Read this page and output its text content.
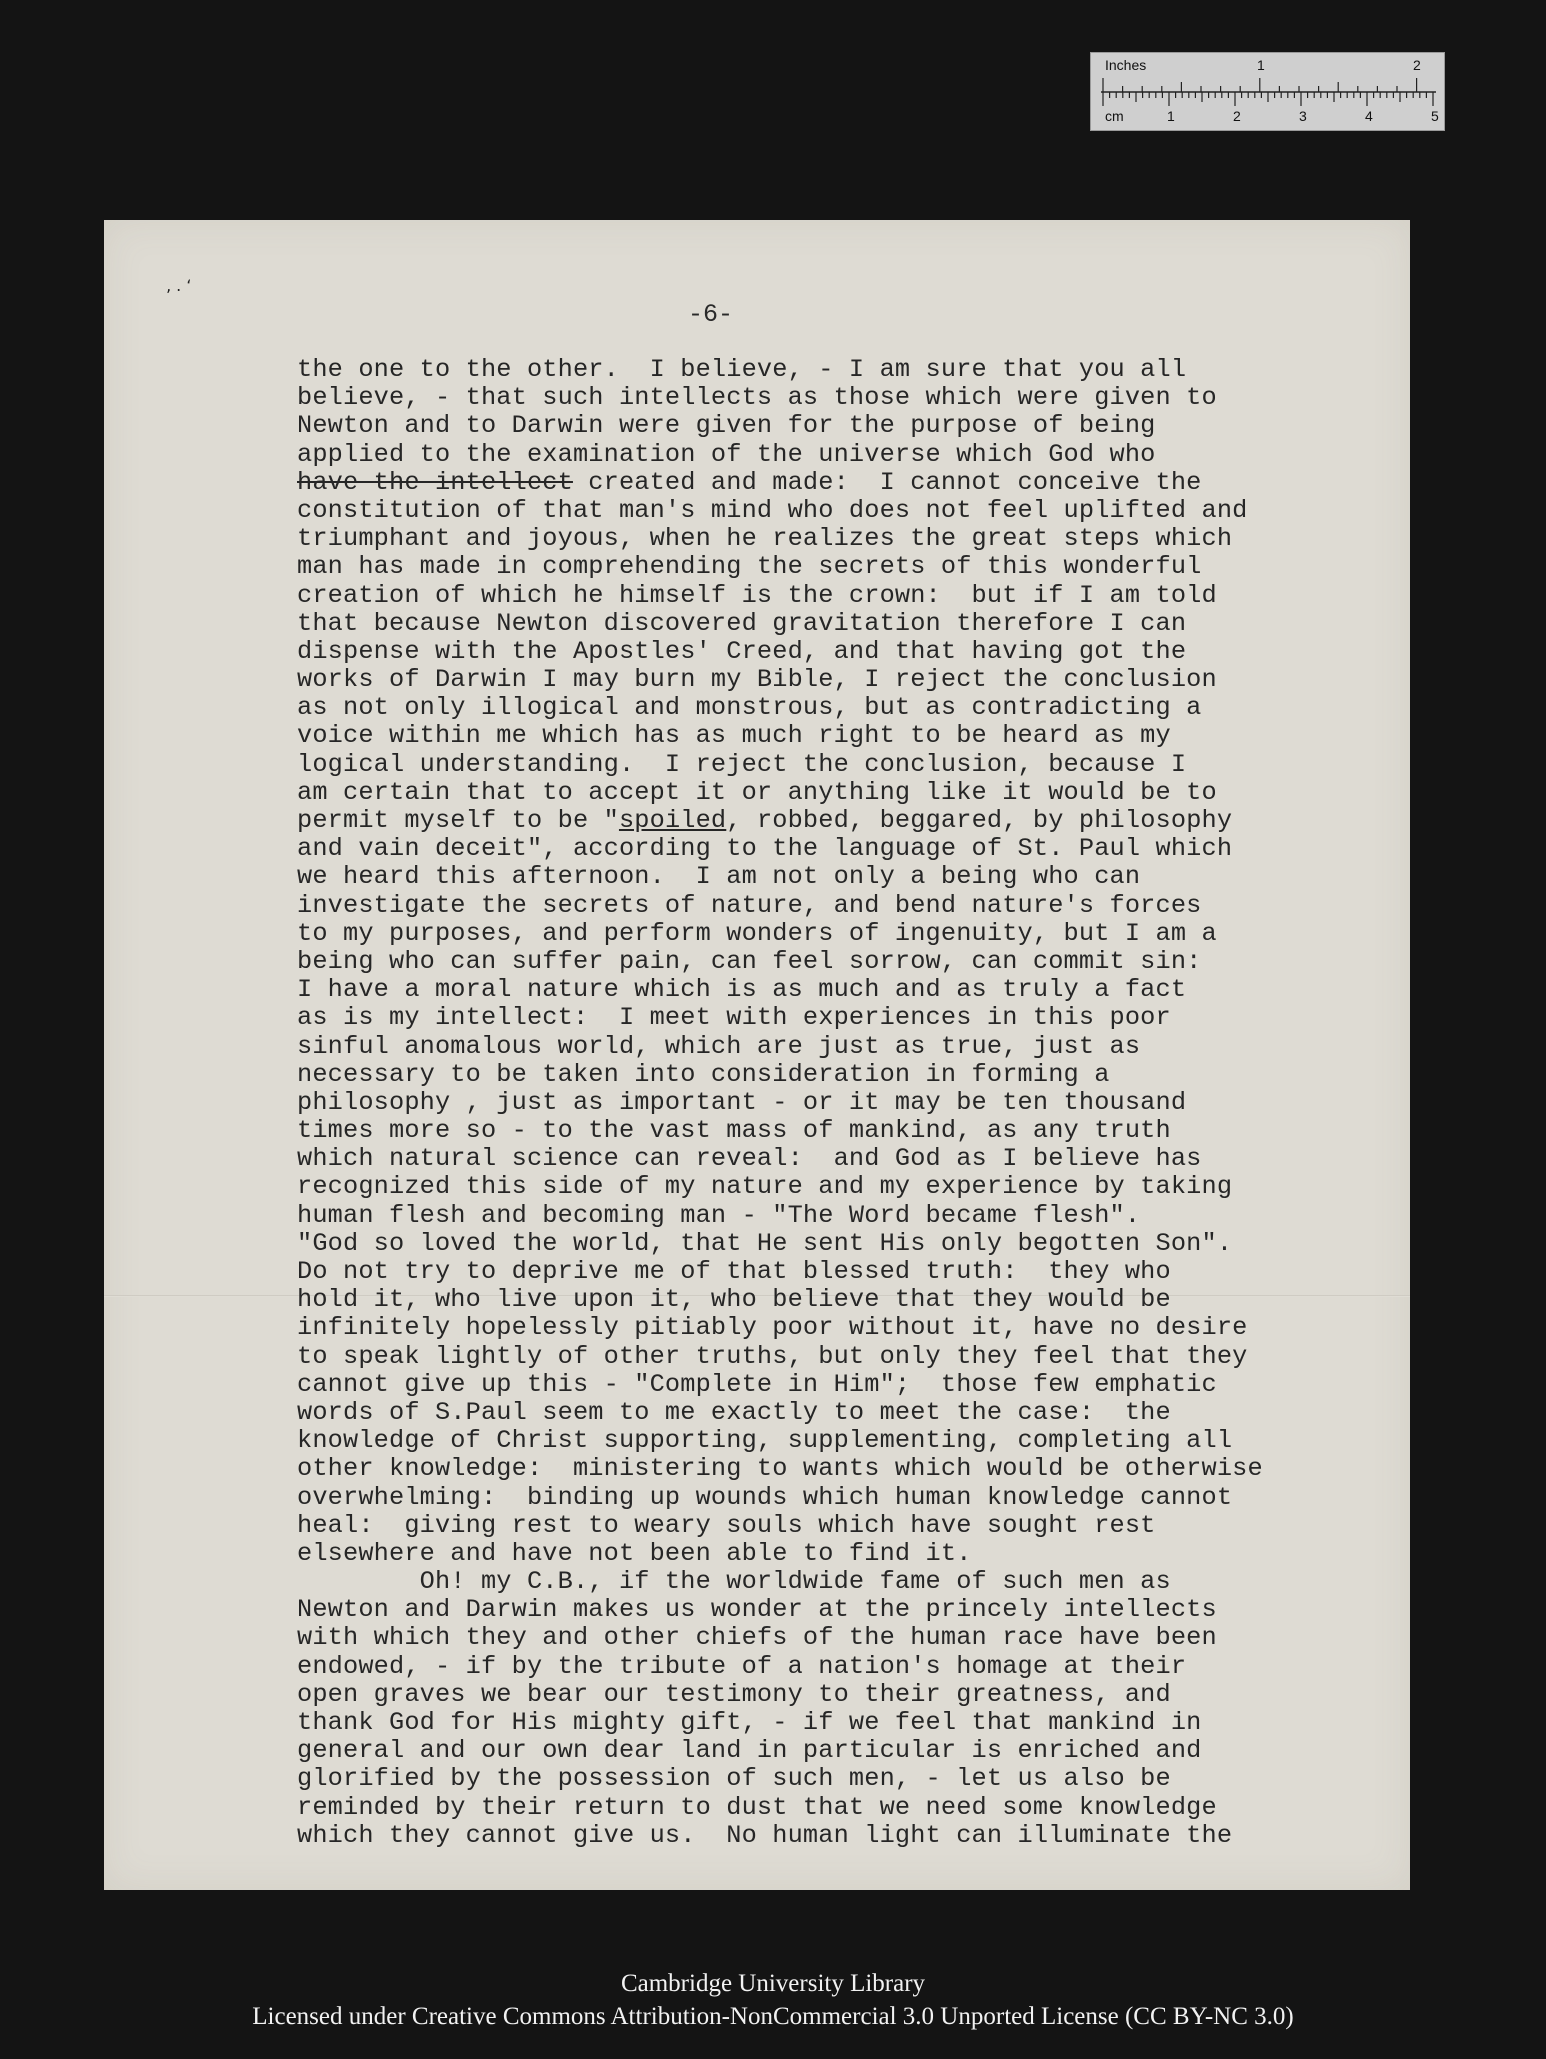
Inches	1	2
cm	1	2	3	4	5
‚ . ‘
-6-
the one to the other.  I believe, - I am sure that you all
believe, - that such intellects as those which were given to
Newton and to Darwin were given for the purpose of being
applied to the examination of the universe which God who
have the intellect created and made:  I cannot conceive the
constitution of that man's mind who does not feel uplifted and
triumphant and joyous, when he realizes the great steps which
man has made in comprehending the secrets of this wonderful
creation of which he himself is the crown:  but if I am told
that because Newton discovered gravitation therefore I can
dispense with the Apostles' Creed, and that having got the
works of Darwin I may burn my Bible, I reject the conclusion
as not only illogical and monstrous, but as contradicting a
voice within me which has as much right to be heard as my
logical understanding.  I reject the conclusion, because I
am certain that to accept it or anything like it would be to
permit myself to be "spoiled, robbed, beggared, by philosophy
and vain deceit", according to the language of St. Paul which
we heard this afternoon.  I am not only a being who can
investigate the secrets of nature, and bend nature's forces
to my purposes, and perform wonders of ingenuity, but I am a
being who can suffer pain, can feel sorrow, can commit sin:
I have a moral nature which is as much and as truly a fact
as is my intellect:  I meet with experiences in this poor
sinful anomalous world, which are just as true, just as
necessary to be taken into consideration in forming a
philosophy , just as important - or it may be ten thousand
times more so - to the vast mass of mankind, as any truth
which natural science can reveal:  and God as I believe has
recognized this side of my nature and my experience by taking
human flesh and becoming man - "The Word became flesh".
"God so loved the world, that He sent His only begotten Son".
Do not try to deprive me of that blessed truth:  they who
hold it, who live upon it, who believe that they would be
infinitely hopelessly pitiably poor without it, have no desire
to speak lightly of other truths, but only they feel that they
cannot give up this - "Complete in Him";  those few emphatic
words of S.Paul seem to me exactly to meet the case:  the
knowledge of Christ supporting, supplementing, completing all
other knowledge:  ministering to wants which would be otherwise
overwhelming:  binding up wounds which human knowledge cannot
heal:  giving rest to weary souls which have sought rest
elsewhere and have not been able to find it.
Oh! my C.B., if the worldwide fame of such men as
Newton and Darwin makes us wonder at the princely intellects
with which they and other chiefs of the human race have been
endowed, - if by the tribute of a nation's homage at their
open graves we bear our testimony to their greatness, and
thank God for His mighty gift, - if we feel that mankind in
general and our own dear land in particular is enriched and
glorified by the possession of such men, - let us also be
reminded by their return to dust that we need some knowledge
which they cannot give us.  No human light can illuminate the
Cambridge University Library
Licensed under Creative Commons Attribution-NonCommercial 3.0 Unported License (CC BY-NC 3.0)
